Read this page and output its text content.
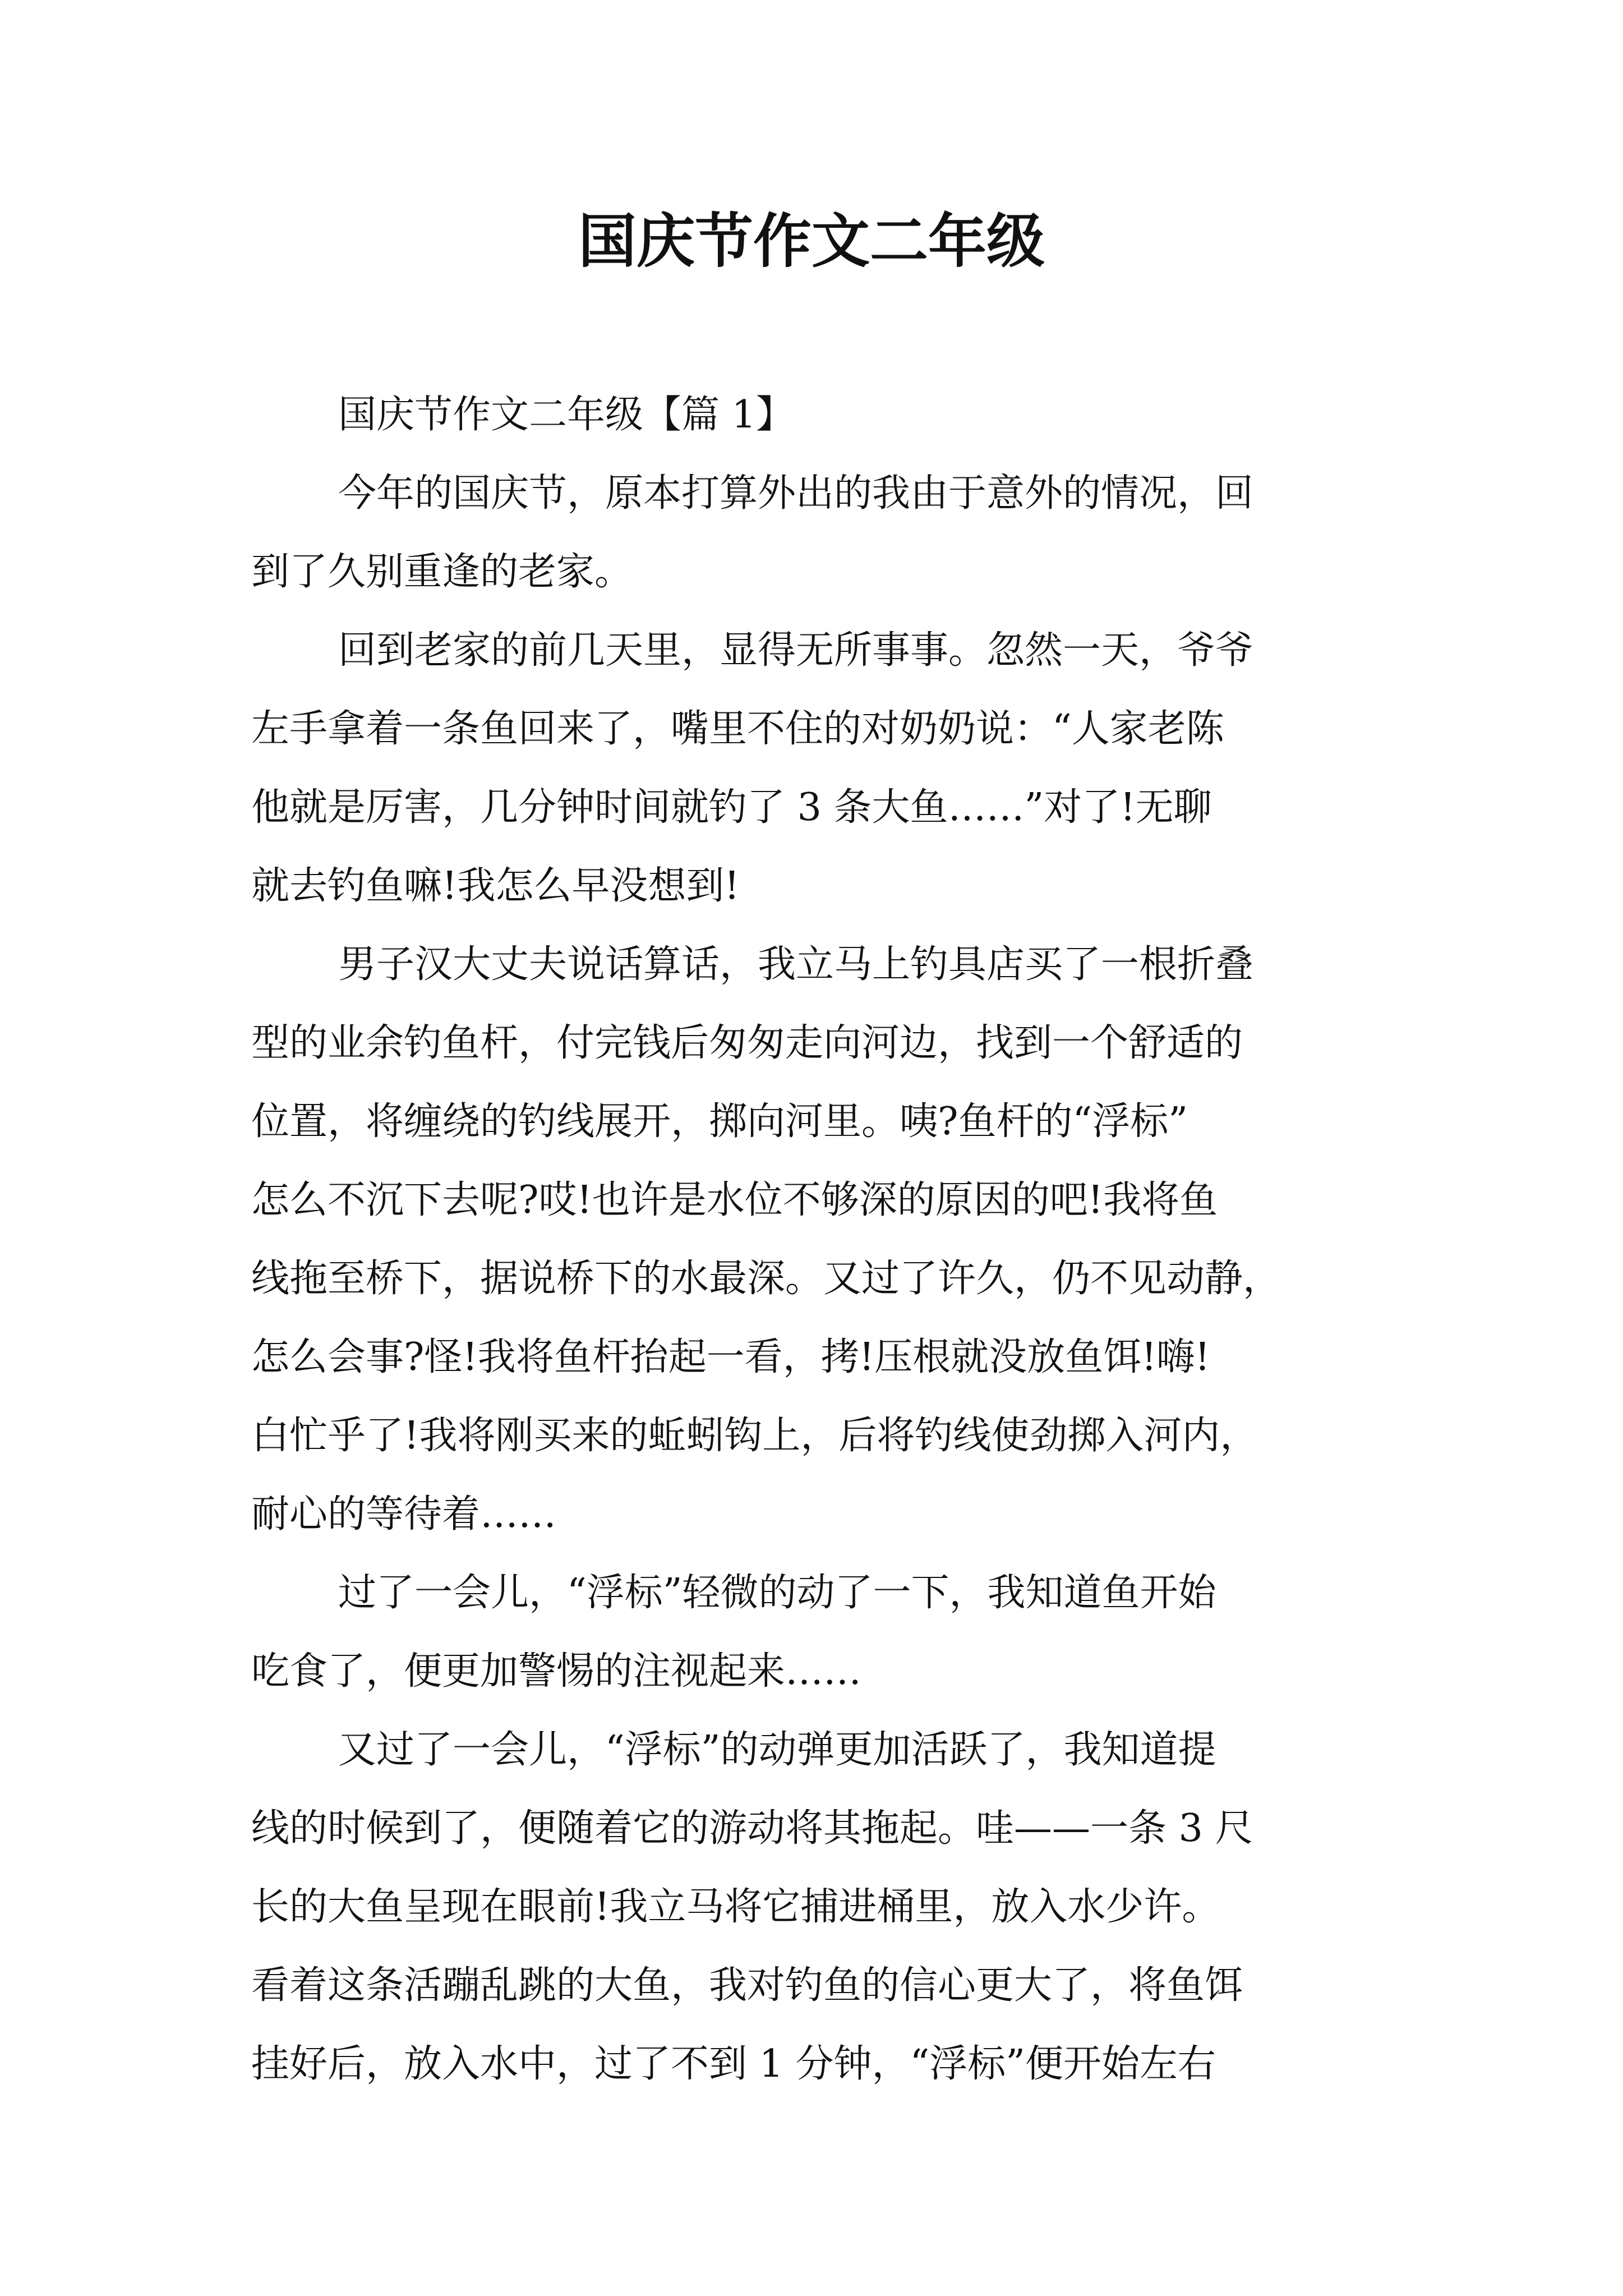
国庆节作文二年级

国庆节作文二年级【篇 1】

今年的国庆节，原本打算外出的我由于意外的情况，回

到了久别重逢的老家。

回到老家的前几天里，显得无所事事。忽然一天，爷爷

左手拿着一条鱼回来了，嘴里不住的对奶奶说：“人家老陈

他就是厉害，几分钟时间就钓了 3 条大鱼……”对了!无聊

就去钓鱼嘛!我怎么早没想到!

男子汉大丈夫说话算话，我立马上钓具店买了一根折叠

型的业余钓鱼杆，付完钱后匆匆走向河边，找到一个舒适的

位置，将缠绕的钓线展开，掷向河里。咦?鱼杆的“浮标”

怎么不沉下去呢?哎!也许是水位不够深的原因的吧!我将鱼

线拖至桥下，据说桥下的水最深。又过了许久，仍不见动静，

怎么会事?怪!我将鱼杆抬起一看，拷!压根就没放鱼饵!嗨!

白忙乎了!我将刚买来的蚯蚓钩上，后将钓线使劲掷入河内，

耐心的等待着……

过了一会儿，“浮标”轻微的动了一下，我知道鱼开始

吃食了，便更加警惕的注视起来……

又过了一会儿，“浮标”的动弹更加活跃了，我知道提

线的时候到了，便随着它的游动将其拖起。哇——一条 3 尺

长的大鱼呈现在眼前!我立马将它捕进桶里，放入水少许。

看着这条活蹦乱跳的大鱼，我对钓鱼的信心更大了，将鱼饵

挂好后，放入水中，过了不到 1 分钟，“浮标”便开始左右
